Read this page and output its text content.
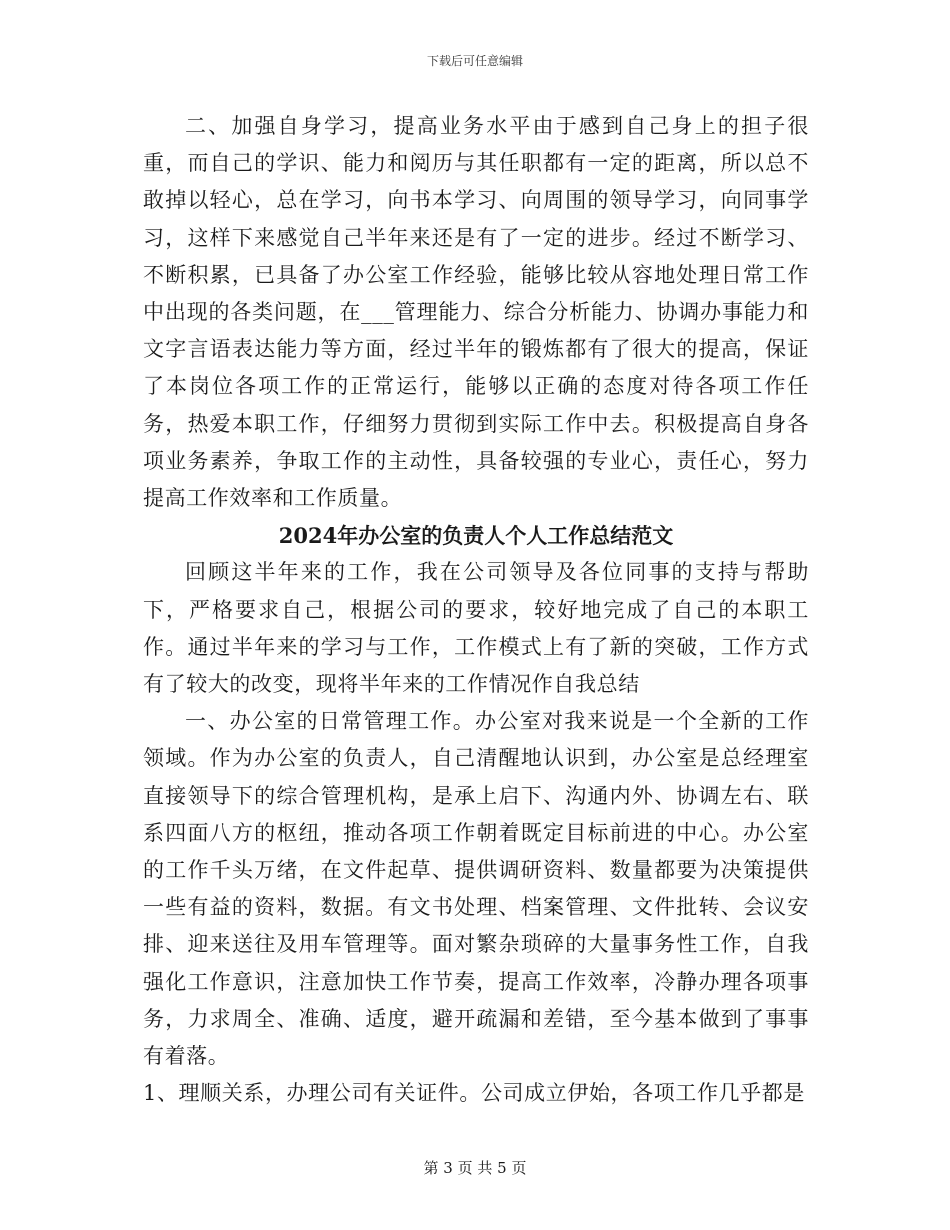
下载后可任意编辑

二、加强自身学习，提高业务水平由于感到自己身上的担子很重，而自己的学识、能力和阅历与其任职都有一定的距离，所以总不敢掉以轻心，总在学习，向书本学习、向周围的领导学习，向同事学习，这样下来感觉自己半年来还是有了一定的进步。经过不断学习、不断积累，已具备了办公室工作经验，能够比较从容地处理日常工作中出现的各类问题，在___管理能力、综合分析能力、协调办事能力和文字言语表达能力等方面，经过半年的锻炼都有了很大的提高，保证了本岗位各项工作的正常运行，能够以正确的态度对待各项工作任务，热爱本职工作，仔细努力贯彻到实际工作中去。积极提高自身各项业务素养，争取工作的主动性，具备较强的专业心，责任心，努力提高工作效率和工作质量。

2024年办公室的负责人个人工作总结范文

回顾这半年来的工作，我在公司领导及各位同事的支持与帮助下，严格要求自己，根据公司的要求，较好地完成了自己的本职工作。通过半年来的学习与工作，工作模式上有了新的突破，工作方式有了较大的改变，现将半年来的工作情况作自我总结

一、办公室的日常管理工作。办公室对我来说是一个全新的工作领域。作为办公室的负责人，自己清醒地认识到，办公室是总经理室直接领导下的综合管理机构，是承上启下、沟通内外、协调左右、联系四面八方的枢纽，推动各项工作朝着既定目标前进的中心。办公室的工作千头万绪，在文件起草、提供调研资料、数量都要为决策提供一些有益的资料，数据。有文书处理、档案管理、文件批转、会议安排、迎来送往及用车管理等。面对繁杂琐碎的大量事务性工作，自我强化工作意识，注意加快工作节奏，提高工作效率，冷静办理各项事务，力求周全、准确、适度，避开疏漏和差错，至今基本做到了事事有着落。

1、理顺关系，办理公司有关证件。公司成立伊始，各项工作几乎都是

第 3 页 共 5 页
